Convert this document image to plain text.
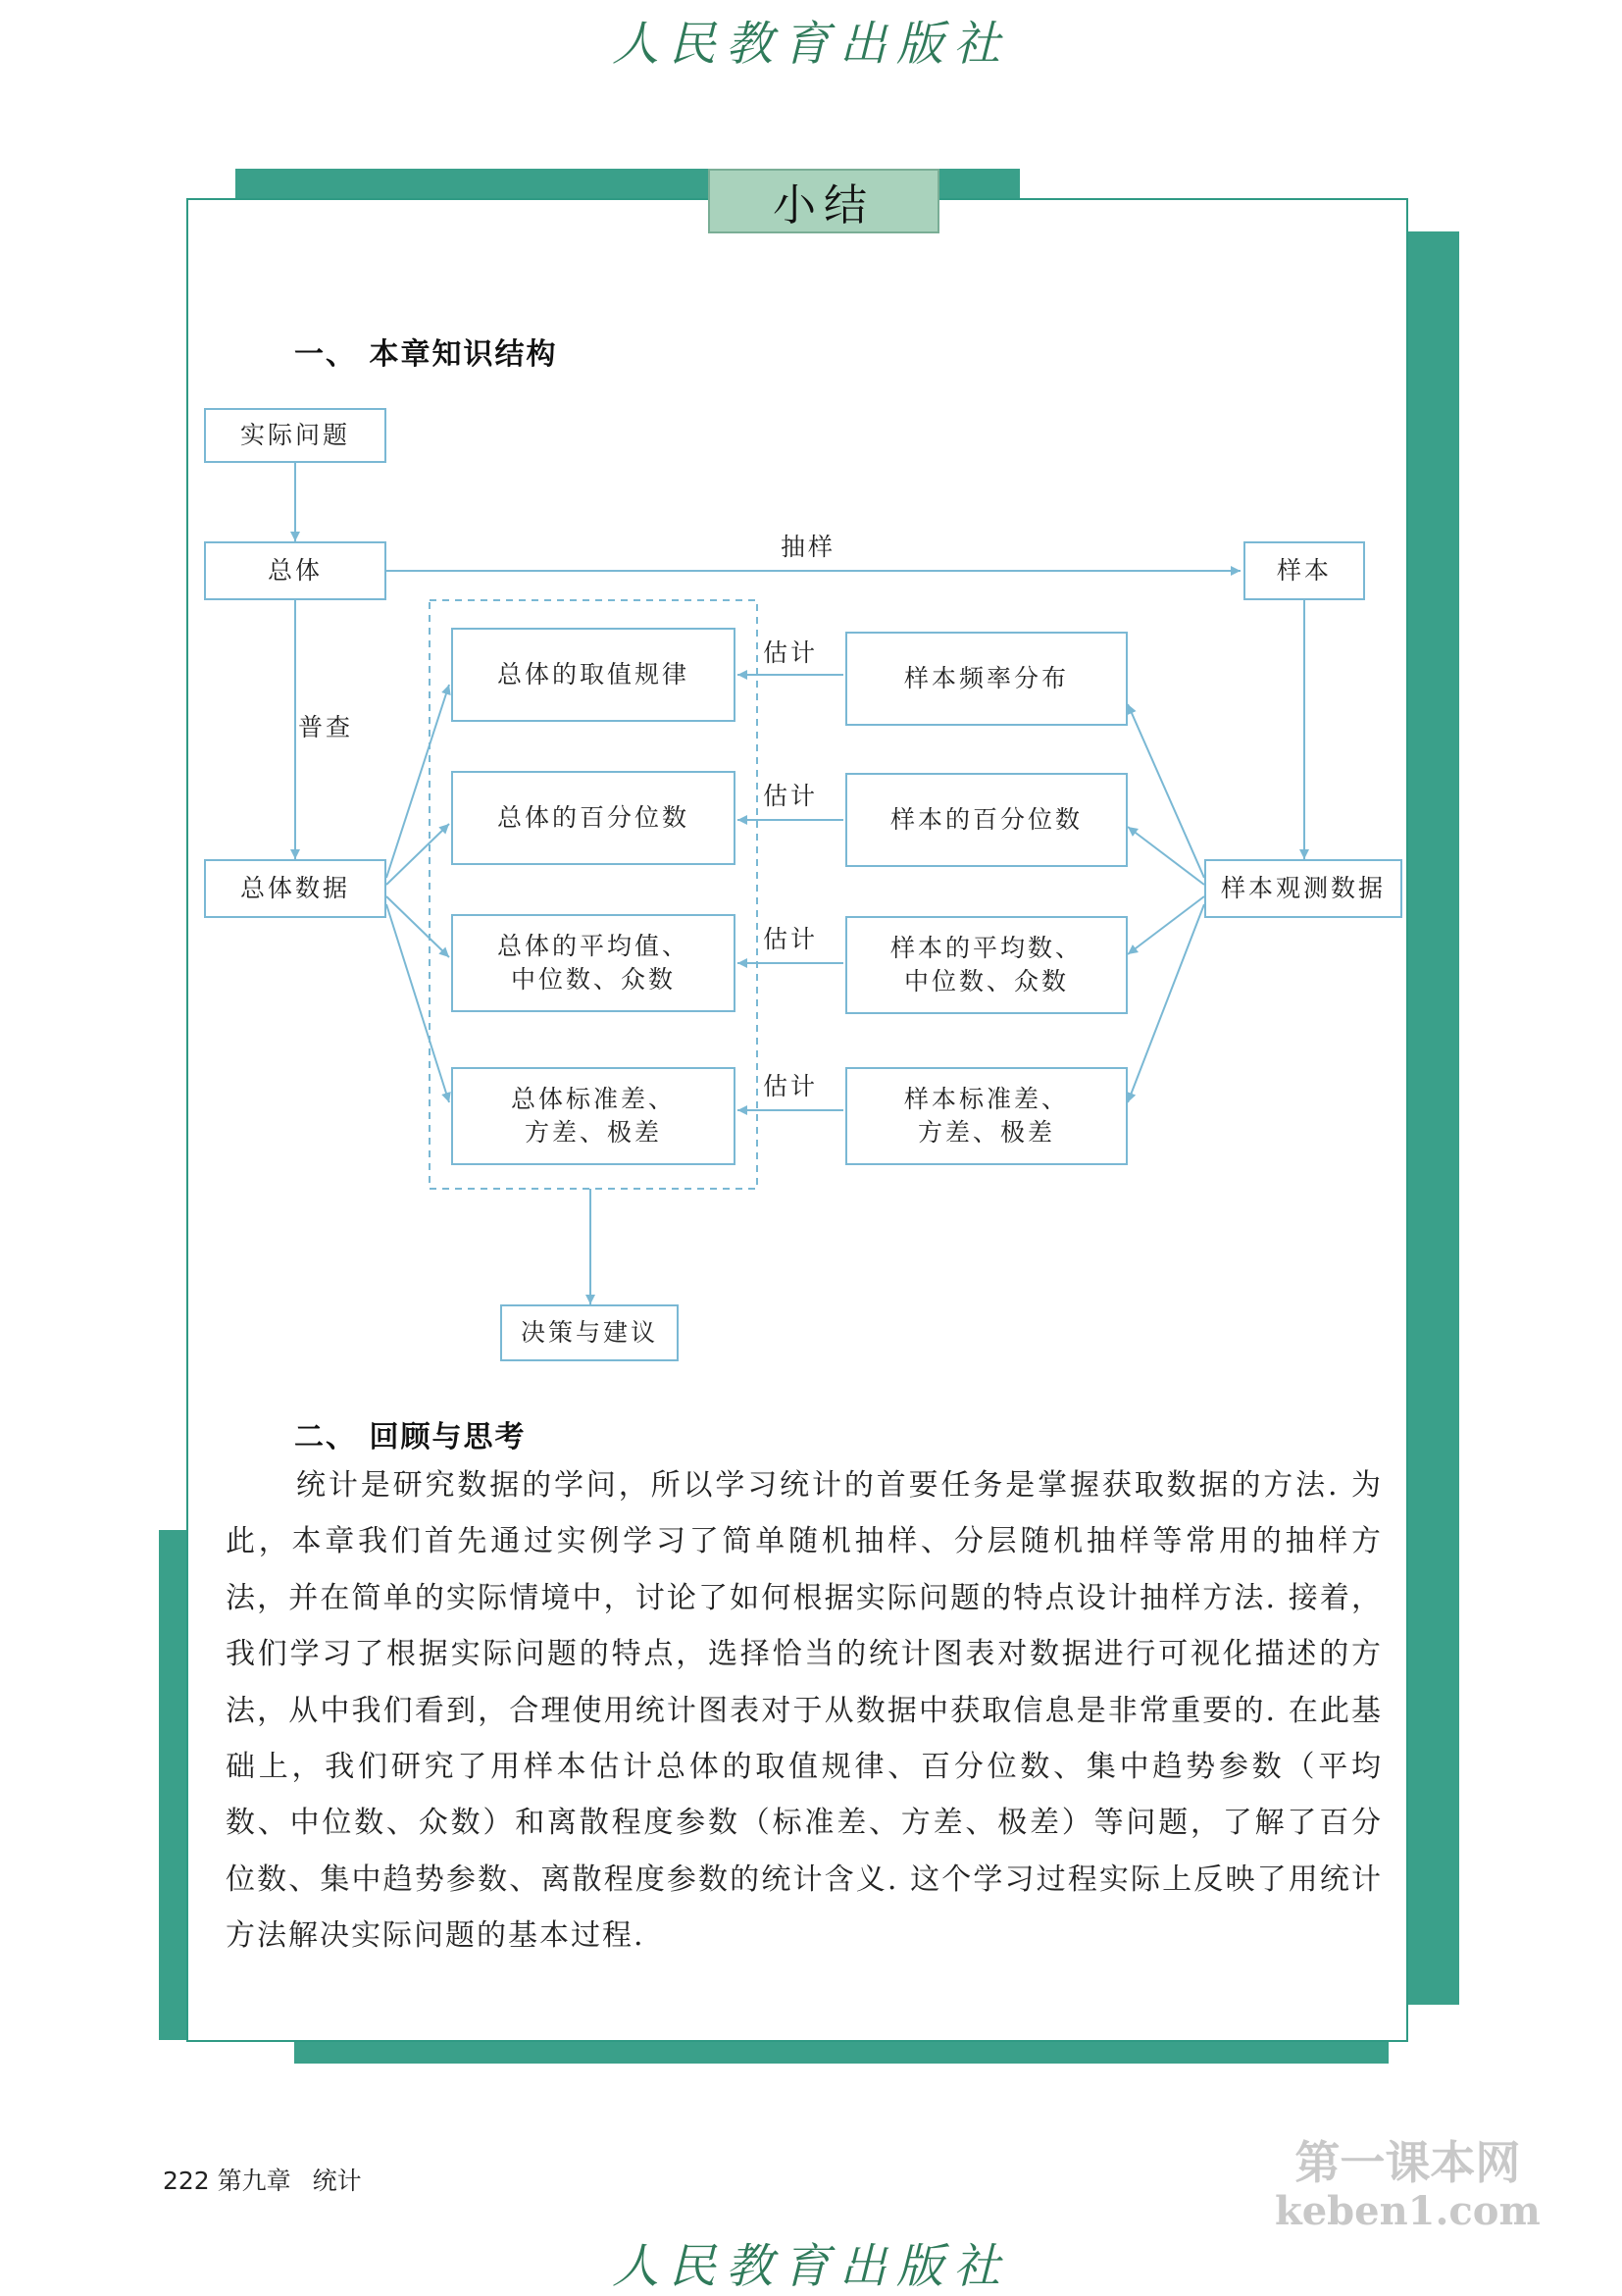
人民教育出版社
小结
一、 本章知识结构
实际问题
总体	样本
总体数据	样本观测数据
总体的取值规律
总体的百分位数
总体的平均值、
中位数、众数
总体标准差、
方差、极差
样本频率分布
样本的百分位数
样本的平均数、
中位数、众数
样本标准差、
方差、极差
决策与建议
抽样
普查
估计
估计
估计
估计
二、 回顾与思考
统计是研究数据的学问，所以学习统计的首要任务是掌握获取数据的方法. 为此，本章我们首先通过实例学习了简单随机抽样、分层随机抽样等常用的抽样方法，并在简单的实际情境中，讨论了如何根据实际问题的特点设计抽样方法. 接着，我们学习了根据实际问题的特点，选择恰当的统计图表对数据进行可视化描述的方法，从中我们看到，合理使用统计图表对于从数据中获取信息是非常重要的. 在此基础上，我们研究了用样本估计总体的取值规律、百分位数、集中趋势参数（平均数、中位数、众数）和离散程度参数（标准差、方差、极差）等问题，了解了百分位数、集中趋势参数、离散程度参数的统计含义. 这个学习过程实际上反映了用统计方法解决实际问题的基本过程.
222 第九章 统计	第一课本网
keben1.com
人民教育出版社
